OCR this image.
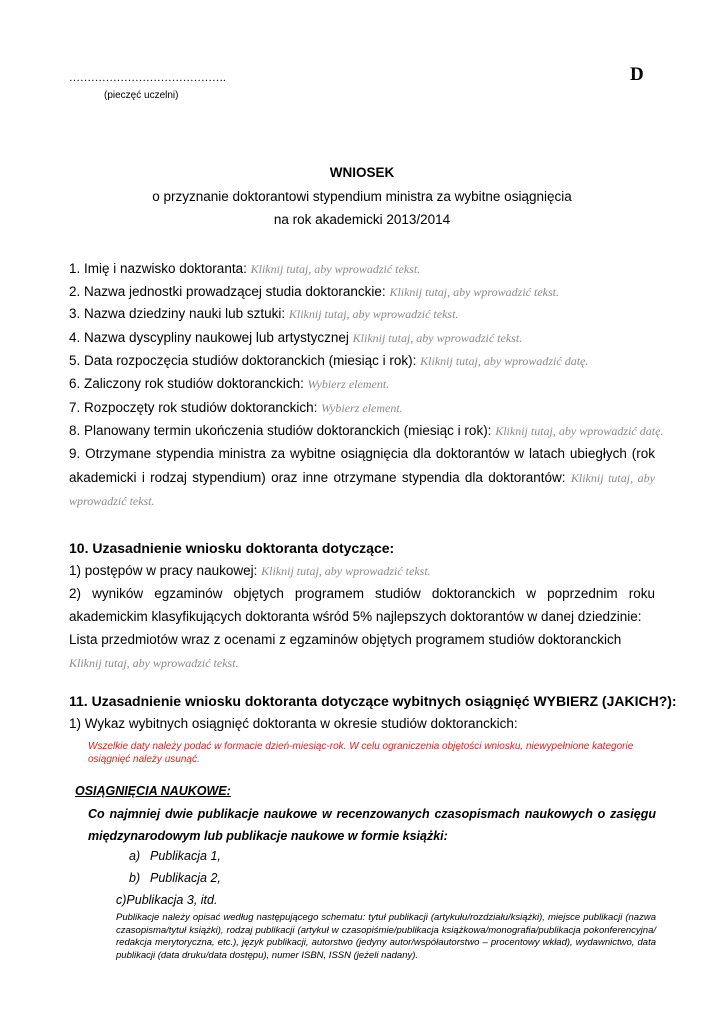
…………………………………….
(pieczęć uczelni)
D
WNIOSEK
o przyznanie doktorantowi stypendium ministra za wybitne osiągnięcia
na rok akademicki 2013/2014
1. Imię i nazwisko doktoranta: Kliknij tutaj, aby wprowadzić tekst.
2. Nazwa jednostki prowadzącej studia doktoranckie: Kliknij tutaj, aby wprowadzić tekst.
3. Nazwa dziedziny nauki lub sztuki: Kliknij tutaj, aby wprowadzić tekst.
4. Nazwa dyscypliny naukowej lub artystycznej Kliknij tutaj, aby wprowadzić tekst.
5. Data rozpoczęcia studiów doktoranckich (miesiąc i rok): Kliknij tutaj, aby wprowadzić datę.
6. Zaliczony rok studiów doktoranckich: Wybierz element.
7. Rozpoczęty rok studiów doktoranckich: Wybierz element.
8. Planowany termin ukończenia studiów doktoranckich (miesiąc i rok): Kliknij tutaj, aby wprowadzić datę.
9. Otrzymane stypendia ministra za wybitne osiągnięcia dla doktorantów w latach ubiegłych (rok
akademicki i rodzaj stypendium) oraz inne otrzymane stypendia dla doktorantów: Kliknij tutaj, aby
wprowadzić tekst.
10. Uzasadnienie wniosku doktoranta dotyczące:
1) postępów w pracy naukowej: Kliknij tutaj, aby wprowadzić tekst.
2) wyników egzaminów objętych programem studiów doktoranckich w poprzednim roku
akademickim klasyfikujących doktoranta wśród 5% najlepszych doktorantów w danej dziedzinie:
Lista przedmiotów wraz z ocenami z egzaminów objętych programem studiów doktoranckich
Kliknij tutaj, aby wprowadzić tekst.
11. Uzasadnienie wniosku doktoranta dotyczące wybitnych osiągnięć WYBIERZ (JAKICH?):
1) Wykaz wybitnych osiągnięć doktoranta w okresie studiów doktoranckich:
Wszelkie daty należy podać w formacie dzień-miesiąc-rok. W celu ograniczenia objętości wniosku, niewypełnione kategorie osiągnięć należy usunąć.
OSIĄGNIĘCIA NAUKOWE:
Co najmniej dwie publikacje naukowe w recenzowanych czasopismach naukowych o zasięgu międzynarodowym lub publikacje naukowe w formie książki:
a) Publikacja 1,
b) Publikacja 2,
c)Publikacja 3, itd.
Publikacje należy opisać według następującego schematu: tytuł publikacji (artykułu/rozdziału/książki), miejsce publikacji (nazwa czasopisma/tytuł książki), rodzaj publikacji (artykuł w czasopiśmie/publikacja książkowa/monografia/publikacja pokonferencyjna/ redakcja merytoryczna, etc.), język publikacji, autorstwo (jedyny autor/współautorstwo – procentowy wkład), wydawnictwo, data publikacji (data druku/data dostępu), numer ISBN, ISSN (jeżeli nadany).
